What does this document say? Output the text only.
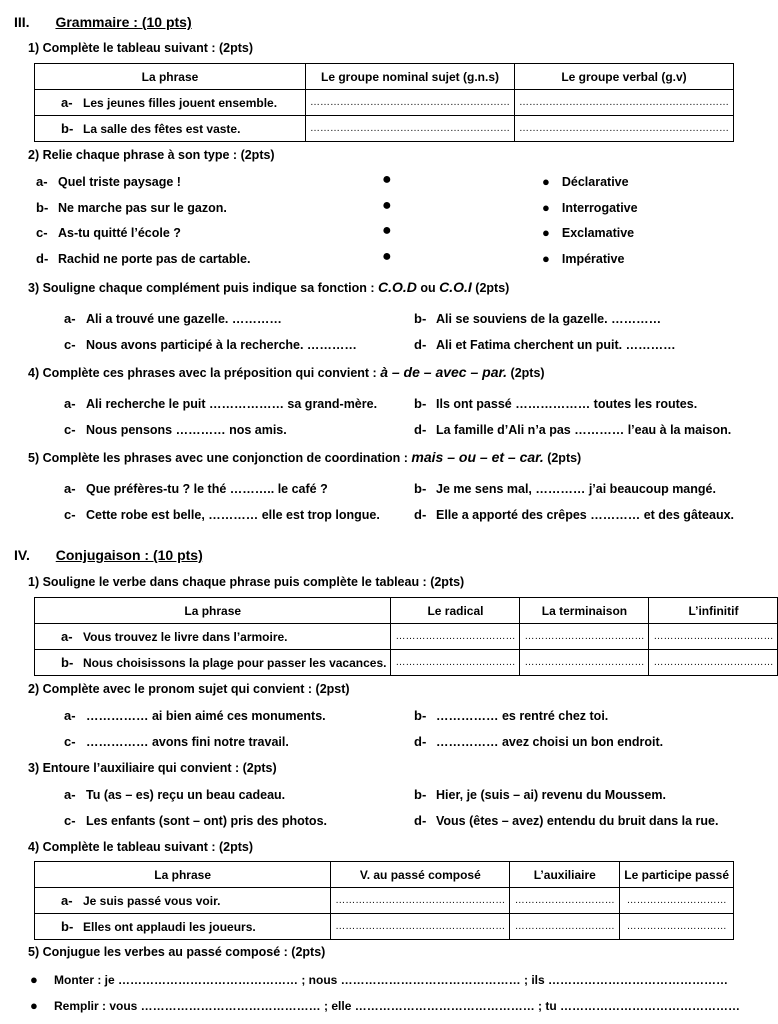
III. Grammaire : (10 pts)
1) Complète le tableau suivant : (2pts)
La phrase	Le groupe nominal sujet (g.n.s)	Le groupe verbal (g.v)
a- Les jeunes filles jouent ensemble.	……………………………………………………	………………………………………………………
b- La salle des fêtes est vaste.	……………………………………………………	………………………………………………………
2) Relie chaque phrase à son type : (2pts)
a- Quel triste paysage !
b- Ne marche pas sur le gazon.
c- As-tu quitté l’école ?
d- Rachid ne porte pas de cartable.
●
●
●
●
● Déclarative
● Interrogative
● Exclamative
● Impérative
3) Souligne chaque complément puis indique sa fonction : C.O.D ou C.O.I (2pts)
a- Ali a trouvé une gazelle. …………	b- Ali se souviens de la gazelle. …………
c- Nous avons participé à la recherche. …………	d- Ali et Fatima cherchent un puit. …………
4) Complète ces phrases avec la préposition qui convient : à – de – avec – par. (2pts)
a- Ali recherche le puit ……………… sa grand-mère.	b- Ils ont passé ……………… toutes les routes.
c- Nous pensons ………… nos amis.	d- La famille d’Ali n’a pas ………… l’eau à la maison.
5) Complète les phrases avec une conjonction de coordination : mais – ou – et – car. (2pts)
a- Que préfères-tu ? le thé ……….. le café ?	b- Je me sens mal, ………… j’ai beaucoup mangé.
c- Cette robe est belle, ………… elle est trop longue.	d- Elle a apporté des crêpes ………… et des gâteaux.
IV. Conjugaison : (10 pts)
1) Souligne le verbe dans chaque phrase puis complète le tableau : (2pts)
La phrase	Le radical	La terminaison	L’infinitif
a- Vous trouvez le livre dans l’armoire.	………………………………	………………………………	………………………………
b- Nous choisissons la plage pour passer les vacances.	………………………………	………………………………	………………………………
2) Complète avec le pronom sujet qui convient : (2pst)
a- …………… ai bien aimé ces monuments.	b- …………… es rentré chez toi.
c- …………… avons fini notre travail.	d- …………… avez choisi un bon endroit.
3) Entoure l’auxiliaire qui convient : (2pts)
a- Tu (as – es) reçu un beau cadeau.	b- Hier, je (suis – ai) revenu du Moussem.
c- Les enfants (sont – ont) pris des photos.	d- Vous (êtes – avez) entendu du bruit dans la rue.
4) Complète le tableau suivant : (2pts)
La phrase	V. au passé composé	L’auxiliaire	Le participe passé
a- Je suis passé vous voir.	……………………………………………	…………………………	…………………………
b- Elles ont applaudi les joueurs.	……………………………………………	…………………………	…………………………
5) Conjugue les verbes au passé composé : (2pts)
● Monter : je ……………………………………… ; nous ……………………………………… ; ils ………………………………………
● Remplir : vous ……………………………………… ; elle ……………………………………… ; tu ………………………………………
